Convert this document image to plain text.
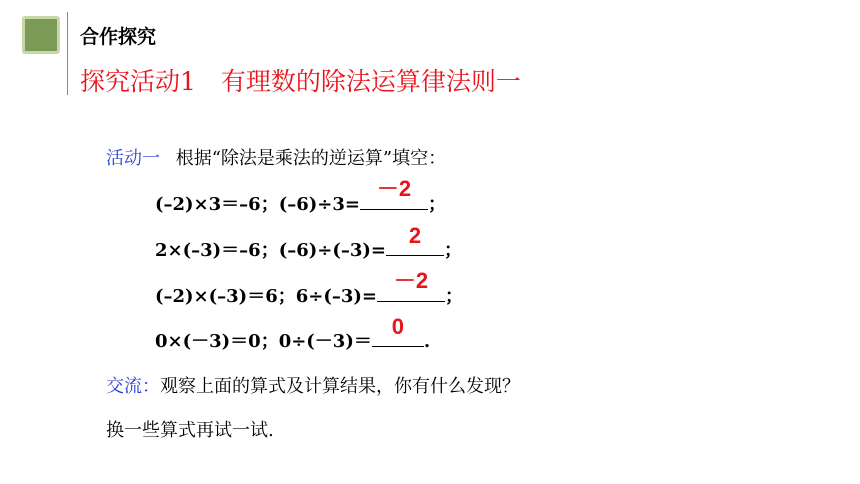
合作探究
探究活动1　有理数的除法运算律法则一
活动一 根据“除法是乘法的逆运算”填空：
(–2)×3＝–6；(–6)÷3=
－2
；
2×(–3)＝–6；(–6)÷(–3)=
2
；
(–2)×(–3)＝6；6÷(–3)=
－2
；
0×(－3)＝0；0÷(－3)＝
0
.
交流：观察上面的算式及计算结果，你有什么发现？
换一些算式再试一试.
